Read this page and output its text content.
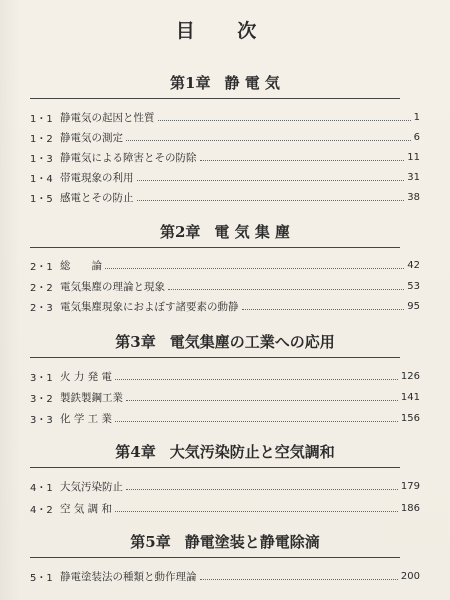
目 次
第1章 静 電 気
1・1 静電気の起因と性質	1
1・2 静電気の測定	6
1・3 静電気による障害とその防除	11
1・4 帯電現象の利用	31
1・5 感電とその防止	38
第2章 電 気 集 塵
2・1 総　　論	42
2・2 電気集塵の理論と現象	53
2・3 電気集塵現象におよぼす諸要素の動静	95
第3章 電気集塵の工業への応用
3・1 火 力 発 電	126
3・2 製鉄製鋼工業	141
3・3 化 学 工 業	156
第4章 大気汚染防止と空気調和
4・1 大気汚染防止	179
4・2 空 気 調 和	186
第5章 静電塗装と静電除滴
5・1 静電塗装法の種類と動作理論	200
